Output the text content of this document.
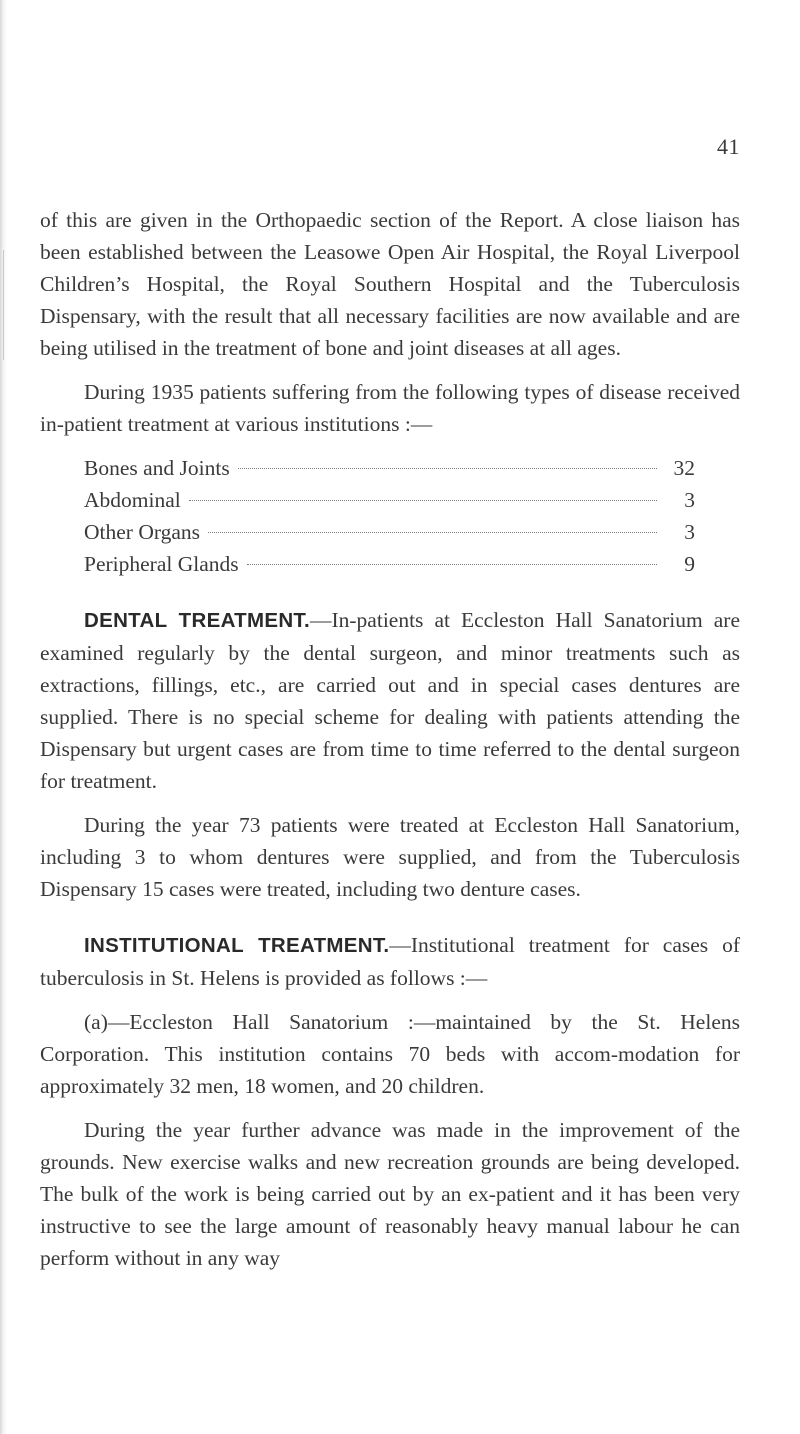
41

of this are given in the Orthopaedic section of the Report. A close liaison has been established between the Leasowe Open Air Hospital, the Royal Liverpool Children’s Hospital, the Royal Southern Hospital and the Tuberculosis Dispensary, with the result that all necessary facilities are now available and are being utilised in the treatment of bone and joint diseases at all ages.

During 1935 patients suffering from the following types of disease received in-patient treatment at various institutions :—

Bones and Joints	32
Abdominal	3
Other Organs	3
Peripheral Glands	9

DENTAL TREATMENT.—In-patients at Eccleston Hall Sanatorium are examined regularly by the dental surgeon, and minor treatments such as extractions, fillings, etc., are carried out and in special cases dentures are supplied. There is no special scheme for dealing with patients attending the Dispensary but urgent cases are from time to time referred to the dental surgeon for treatment.

During the year 73 patients were treated at Eccleston Hall Sanatorium, including 3 to whom dentures were supplied, and from the Tuberculosis Dispensary 15 cases were treated, including two denture cases.

INSTITUTIONAL TREATMENT.—Institutional treatment for cases of tuberculosis in St. Helens is provided as follows :—

(a)—Eccleston Hall Sanatorium :—maintained by the St. Helens Corporation. This institution contains 70 beds with accom-modation for approximately 32 men, 18 women, and 20 children.

During the year further advance was made in the improvement of the grounds. New exercise walks and new recreation grounds are being developed. The bulk of the work is being carried out by an ex-patient and it has been very instructive to see the large amount of reasonably heavy manual labour he can perform without in any way
